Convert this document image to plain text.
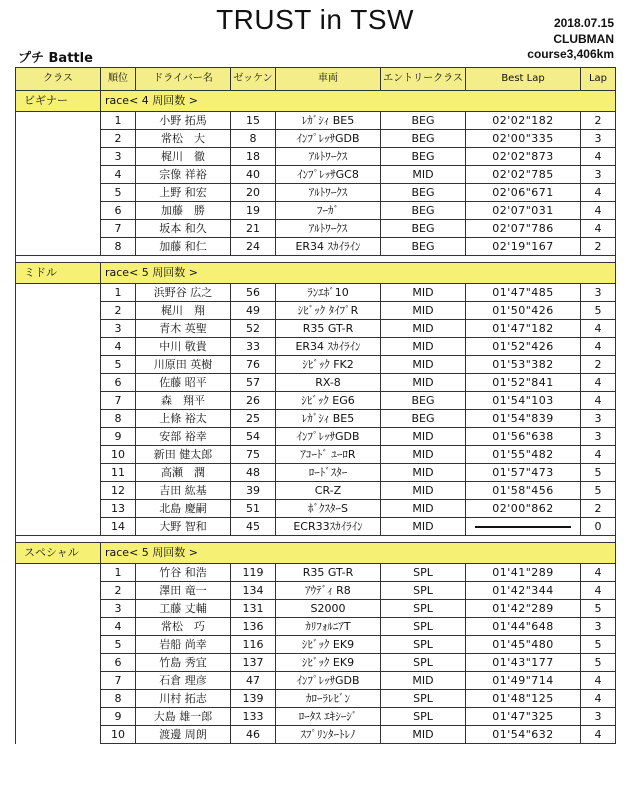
TRUST in TSW	2018.07.15
CLUBMAN
course3,406km
プチ Battle
クラス	順位	ドライバー名	ゼッケン	車両	エントリークラス	Best Lap	Lap
ビギナー	race< 4 周回数 >						
	1	小野 拓馬	15	ﾚｶﾞｼｨ BE5	BEG	02'02"182	2
	2	常松　大	8	ｲﾝﾌﾟﾚｯｻGDB	BEG	02'00"335	3
	3	梶川　徹	18	ｱﾙﾄﾜｰｸｽ	BEG	02'02"873	4
	4	宗像 祥裕	40	ｲﾝﾌﾟﾚｯｻGC8	MID	02'02"785	3
	5	上野 和宏	20	ｱﾙﾄﾜｰｸｽ	BEG	02'06"671	4
	6	加藤　勝	19	ﾌｰｶﾞ	BEG	02'07"031	4
	7	坂本 和久	21	ｱﾙﾄﾜｰｸｽ	BEG	02'07"786	4
	8	加藤 和仁	24	ER34 ｽｶｲﾗｲﾝ	BEG	02'19"167	2

ミドル	race< 5 周回数 >						
	1	浜野谷 広之	56	ﾗﾝｴﾎﾞ10	MID	01'47"485	3
	2	梶川　翔	49	ｼﾋﾞｯｸ ﾀｲﾌﾟR	MID	01'50"426	5
	3	青木 英聖	52	R35 GT-R	MID	01'47"182	4
	4	中川 敬貴	33	ER34 ｽｶｲﾗｲﾝ	MID	01'52"426	4
	5	川原田 英樹	76	ｼﾋﾞｯｸ FK2	MID	01'53"382	2
	6	佐藤 昭平	57	RX-8	MID	01'52"841	4
	7	森　翔平	26	ｼﾋﾞｯｸ EG6	BEG	01'54"103	4
	8	上條 裕太	25	ﾚｶﾞｼｨ BE5	BEG	01'54"839	3
	9	安部 裕幸	54	ｲﾝﾌﾟﾚｯｻGDB	MID	01'56"638	3
	10	新田 健太郎	75	ｱｺｰﾄﾞ ﾕｰﾛR	MID	01'55"482	4
	11	高瀬　潤	48	ﾛｰﾄﾞｽﾀｰ	MID	01'57"473	5
	12	吉田 紘基	39	CR-Z	MID	01'58"456	5
	13	北島 慶嗣	51	ﾎﾞｸｽﾀｰS	MID	02'00"862	2
	14	大野 智和	45	ECR33ｽｶｲﾗｲﾝ	MID		0

スペシャル	race< 5 周回数 >						
	1	竹谷 和浩	119	R35 GT-R	SPL	01'41"289	4
	2	澤田 竜一	134	ｱｳﾃﾞｨ R8	SPL	01'42"344	4
	3	工藤 丈輔	131	S2000	SPL	01'42"289	5
	4	常松　巧	136	ｶﾘﾌｫﾙﾆｱT	SPL	01'44"648	3
	5	岩船 尚幸	116	ｼﾋﾞｯｸ EK9	SPL	01'45"480	5
	6	竹島 秀宜	137	ｼﾋﾞｯｸ EK9	SPL	01'43"177	5
	7	石倉 理彦	47	ｲﾝﾌﾟﾚｯｻGDB	MID	01'49"714	4
	8	川村 拓志	139	ｶﾛｰﾗﾚﾋﾞﾝ	SPL	01'48"125	4
	9	大島 雄一郎	133	ﾛｰﾀｽ ｴｷｼｰｼﾞ	SPL	01'47"325	3
	10	渡邊 周朗	46	ｽﾌﾟﾘﾝﾀｰﾄﾚﾉ	MID	01'54"632	4
